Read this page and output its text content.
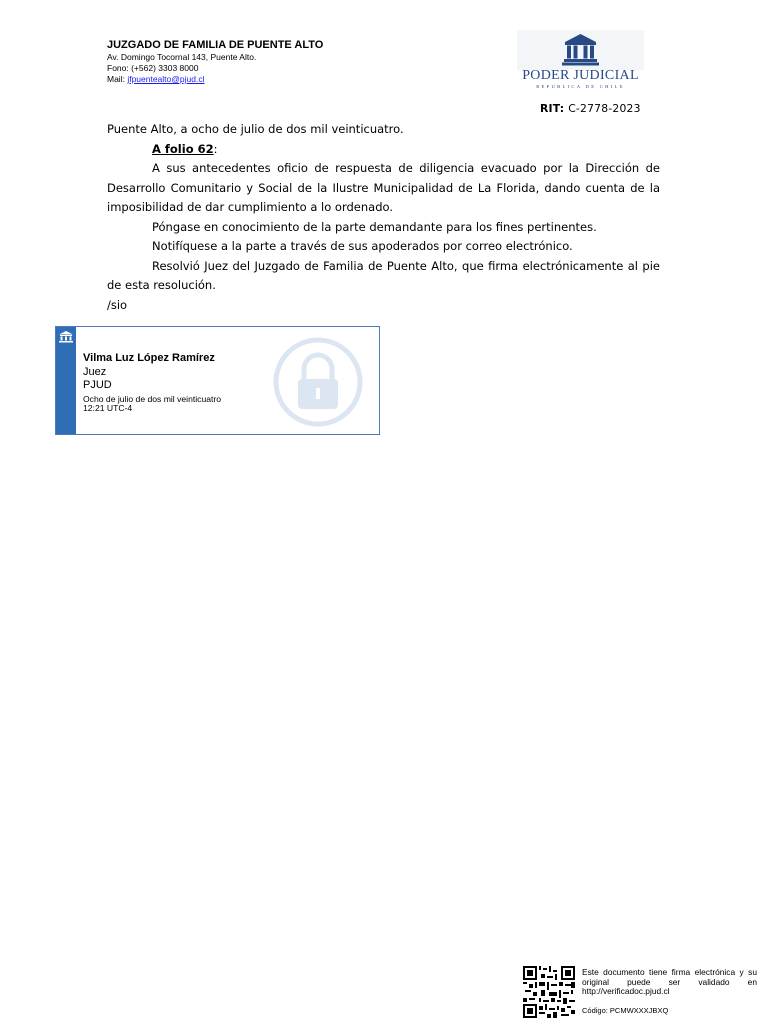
JUZGADO DE FAMILIA DE PUENTE ALTO
Av. Domingo Tocornal 143, Puente Alto.
Fono: (+562) 3303 8000
Mail: jfpuentealto@pjud.cl	PODER JUDICIAL
REPUBLICA DE CHILE
RIT: C-2778-2023

Puente Alto, a ocho de julio de dos mil veinticuatro.

A folio 62:

A sus antecedentes oficio de respuesta de diligencia evacuado por la Dirección de Desarrollo Comunitario y Social de la Ilustre Municipalidad de La Florida, dando cuenta de la imposibilidad de dar cumplimiento a lo ordenado.

Póngase en conocimiento de la parte demandante para los fines pertinentes.

Notifíquese a la parte a través de sus apoderados por correo electrónico.

Resolvió Juez del Juzgado de Familia de Puente Alto, que firma electrónicamente al pie de esta resolución.

/sio

Vilma Luz López Ramírez
Juez
PJUD
Ocho de julio de dos mil veinticuatro
12:21 UTC-4
Este documento tiene firma electrónica y su original puede ser validado en http://verificadoc.pjud.cl
Código: PCMWXXXJBXQ
